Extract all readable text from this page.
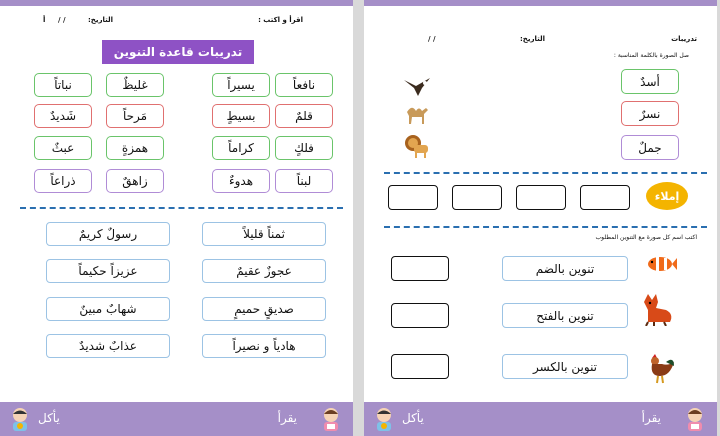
اقرأ و اكتب :
التاريخ:
/ /
أ
تدريبات قاعدة التنوين
نافعاً
يسيراً
غليظٌ
نباتاً
قلمٌ
بسيطٍ
مَرحاً
شَديدٌ
فلكٍ
كراماً
همزةٍ
عبثٌ
لبناً
هدوءٌ
زاهقٌ
ذراعاً
ثمناً قليلاً
رسولٌ كريمٌ
عجوزٌ عقيمٌ
عزيزاً حكيماً
صديقٍ حميمٍ
شهابٌ مبينٌ
هادياً و نصيراً
عذابٌ شديدٌ
يقرأ
يأكل
تدريبات
التاريخ:
/ /
صل الصورة بالكلمة المناسبة :
أسدٌ
نسرٌ
جملٌ
إملاء
اكتب اسم كل صورة مع التنوين المطلوب
تنوين بالضم
تنوين بالفتح
تنوين بالكسر
يقرأ
يأكل
